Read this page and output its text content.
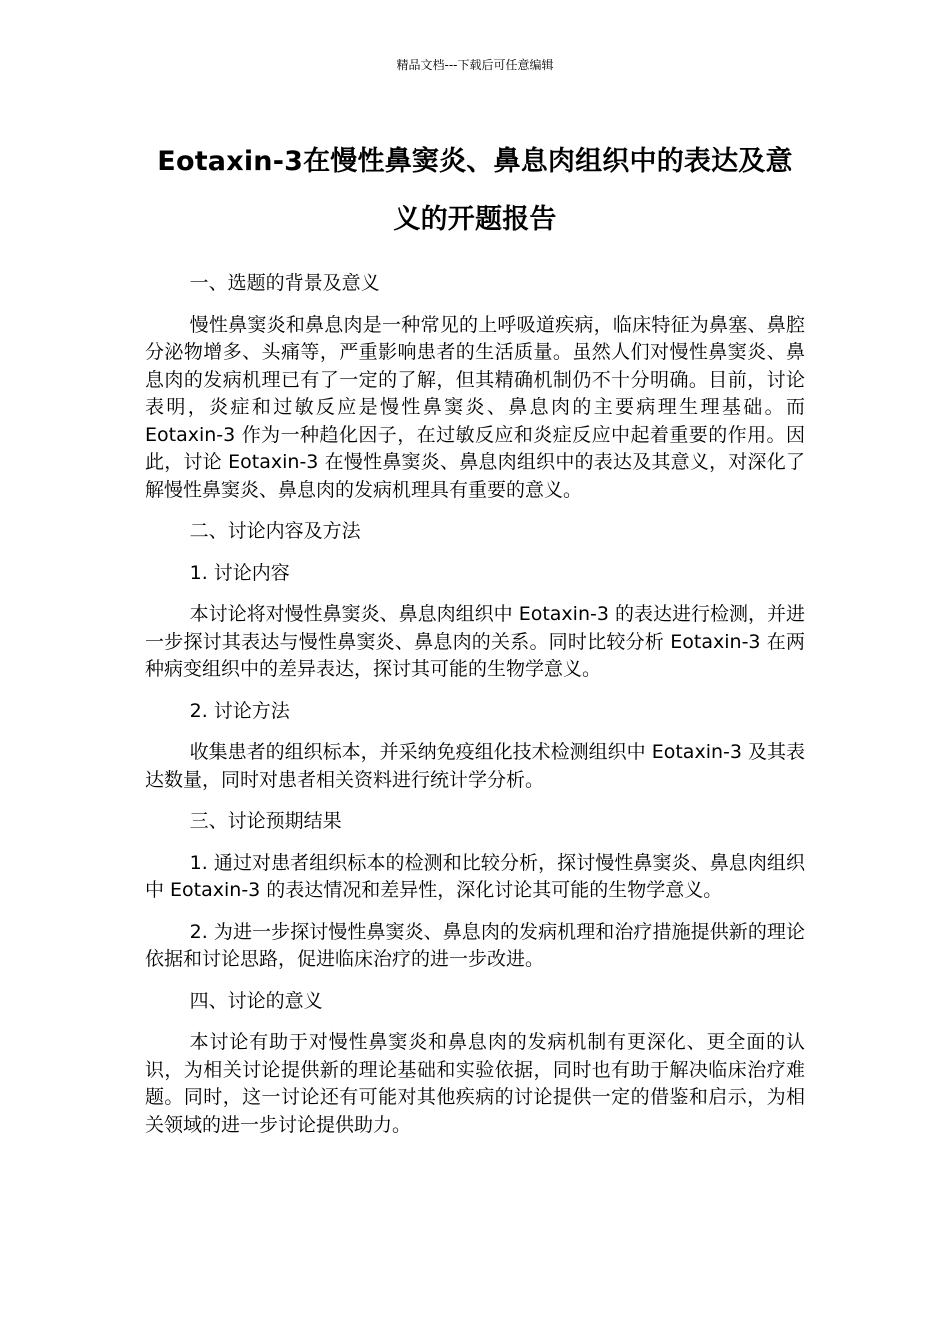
精品文档---下载后可任意编辑
Eotaxin-3在慢性鼻窦炎、鼻息肉组织中的表达及意义的开题报告

一、选题的背景及意义

慢性鼻窦炎和鼻息肉是一种常见的上呼吸道疾病，临床特征为鼻塞、鼻腔分泌物增多、头痛等，严重影响患者的生活质量。虽然人们对慢性鼻窦炎、鼻息肉的发病机理已有了一定的了解，但其精确机制仍不十分明确。目前，讨论表明，炎症和过敏反应是慢性鼻窦炎、鼻息肉的主要病理生理基础。而 Eotaxin-3 作为一种趋化因子，在过敏反应和炎症反应中起着重要的作用。因此，讨论 Eotaxin-3 在慢性鼻窦炎、鼻息肉组织中的表达及其意义，对深化了解慢性鼻窦炎、鼻息肉的发病机理具有重要的意义。

二、讨论内容及方法

1. 讨论内容

本讨论将对慢性鼻窦炎、鼻息肉组织中 Eotaxin-3 的表达进行检测，并进一步探讨其表达与慢性鼻窦炎、鼻息肉的关系。同时比较分析 Eotaxin-3 在两种病变组织中的差异表达，探讨其可能的生物学意义。

2. 讨论方法

收集患者的组织标本，并采纳免疫组化技术检测组织中 Eotaxin-3 及其表达数量，同时对患者相关资料进行统计学分析。

三、讨论预期结果

1. 通过对患者组织标本的检测和比较分析，探讨慢性鼻窦炎、鼻息肉组织中 Eotaxin-3 的表达情况和差异性，深化讨论其可能的生物学意义。

2. 为进一步探讨慢性鼻窦炎、鼻息肉的发病机理和治疗措施提供新的理论依据和讨论思路，促进临床治疗的进一步改进。

四、讨论的意义

本讨论有助于对慢性鼻窦炎和鼻息肉的发病机制有更深化、更全面的认识，为相关讨论提供新的理论基础和实验依据，同时也有助于解决临床治疗难题。同时，这一讨论还有可能对其他疾病的讨论提供一定的借鉴和启示，为相关领域的进一步讨论提供助力。
